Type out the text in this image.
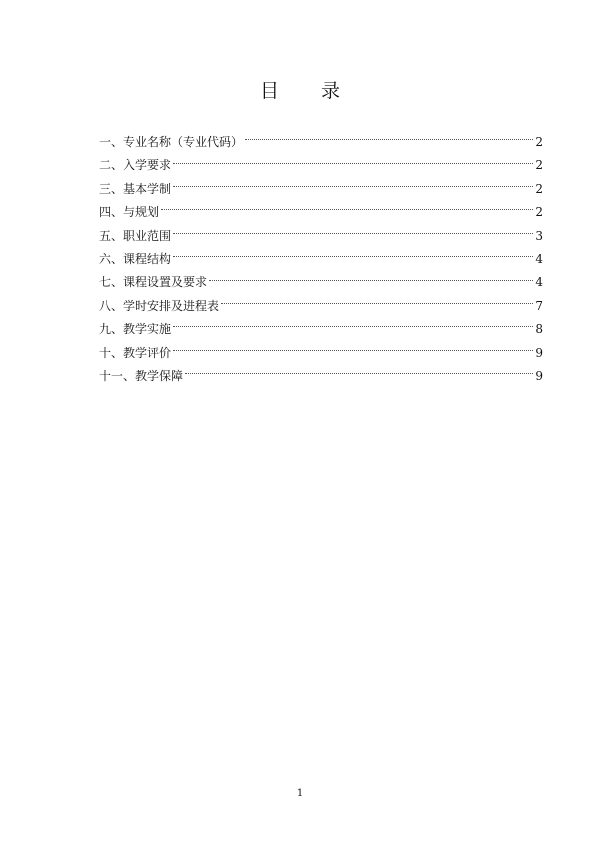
目 录
一、专业名称（专业代码）	2
二、入学要求	2
三、基本学制	2
四、与规划	2
五、职业范围	3
六、课程结构	4
七、课程设置及要求	4
八、学时安排及进程表	7
九、教学实施	8
十、教学评价	9
十一、教学保障	9
1
